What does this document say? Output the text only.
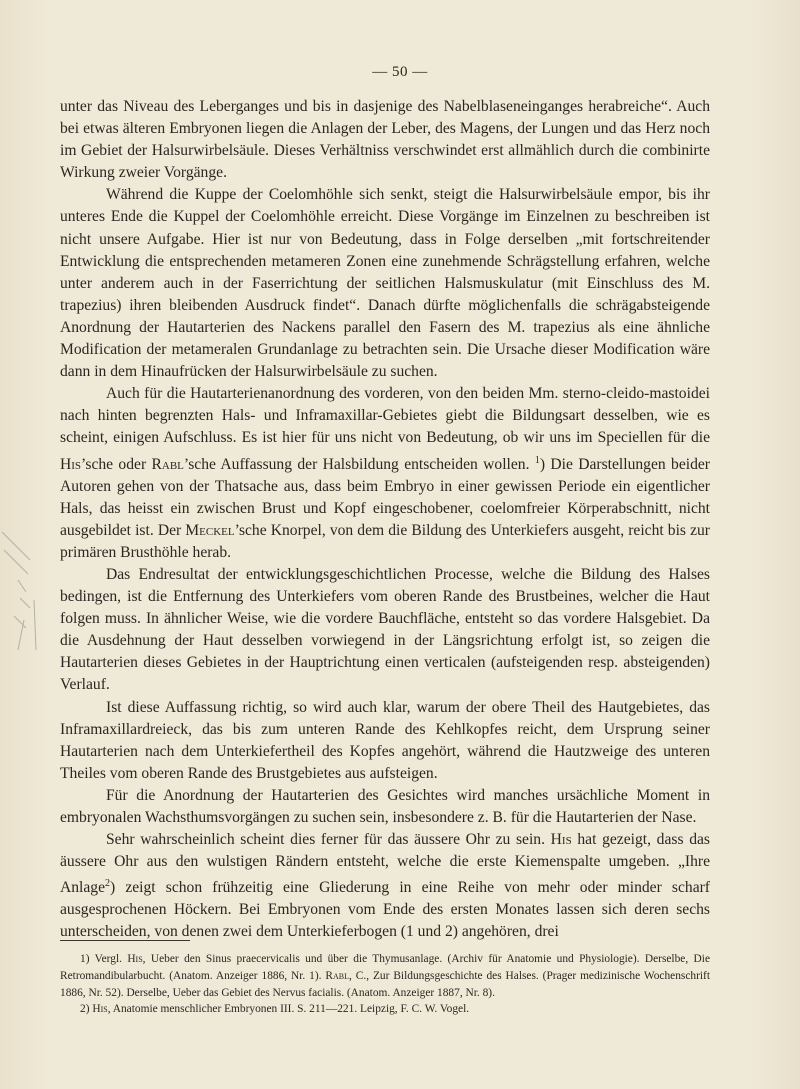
— 50 —

unter das Niveau des Leberganges und bis in dasjenige des Nabelblaseneinganges herabreiche“. Auch bei etwas älteren Embryonen liegen die Anlagen der Leber, des Magens, der Lungen und das Herz noch im Gebiet der Halsurwirbelsäule. Dieses Verhältniss verschwindet erst allmählich durch die combinirte Wirkung zweier Vorgänge.

Während die Kuppe der Coelomhöhle sich senkt, steigt die Halsurwirbelsäule empor, bis ihr unteres Ende die Kuppel der Coelomhöhle erreicht. Diese Vorgänge im Einzelnen zu beschreiben ist nicht unsere Aufgabe. Hier ist nur von Bedeutung, dass in Folge derselben „mit fortschreitender Entwicklung die entsprechenden metameren Zonen eine zunehmende Schrägstellung erfahren, welche unter anderem auch in der Faserrichtung der seitlichen Halsmuskulatur (mit Einschluss des M. trapezius) ihren bleibenden Ausdruck findet“. Danach dürfte möglichenfalls die schrägabsteigende Anordnung der Hautarterien des Nackens parallel den Fasern des M. trapezius als eine ähnliche Modification der metameralen Grundanlage zu betrachten sein. Die Ursache dieser Modification wäre dann in dem Hinaufrücken der Halsurwirbelsäule zu suchen.

Auch für die Hautarterienanordnung des vorderen, von den beiden Mm. sterno-cleido-mastoidei nach hinten begrenzten Hals- und Inframaxillar-Gebietes giebt die Bildungsart desselben, wie es scheint, einigen Aufschluss. Es ist hier für uns nicht von Bedeutung, ob wir uns im Speciellen für die His’sche oder Rabl’sche Auffassung der Halsbildung entscheiden wollen. $^1$) Die Darstellungen beider Autoren gehen von der Thatsache aus, dass beim Embryo in einer gewissen Periode ein eigentlicher Hals, das heisst ein zwischen Brust und Kopf eingeschobener, coelomfreier Körperabschnitt, nicht ausgebildet ist. Der Meckel’sche Knorpel, von dem die Bildung des Unterkiefers ausgeht, reicht bis zur primären Brusthöhle herab.

Das Endresultat der entwicklungsgeschichtlichen Processe, welche die Bildung des Halses bedingen, ist die Entfernung des Unterkiefers vom oberen Rande des Brustbeines, welcher die Haut folgen muss. In ähnlicher Weise, wie die vordere Bauchfläche, entsteht so das vordere Halsgebiet. Da die Ausdehnung der Haut desselben vorwiegend in der Längsrichtung erfolgt ist, so zeigen die Hautarterien dieses Gebietes in der Hauptrichtung einen verticalen (aufsteigenden resp. absteigenden) Verlauf.

Ist diese Auffassung richtig, so wird auch klar, warum der obere Theil des Hautgebietes, das Inframaxillardreieck, das bis zum unteren Rande des Kehlkopfes reicht, dem Ursprung seiner Hautarterien nach dem Unterkiefertheil des Kopfes angehört, während die Hautzweige des unteren Theiles vom oberen Rande des Brustgebietes aus aufsteigen.

Für die Anordnung der Hautarterien des Gesichtes wird manches ursächliche Moment in embryonalen Wachsthumsvorgängen zu suchen sein, insbesondere z. B. für die Hautarterien der Nase.

Sehr wahrscheinlich scheint dies ferner für das äussere Ohr zu sein. His hat gezeigt, dass das äussere Ohr aus den wulstigen Rändern entsteht, welche die erste Kiemenspalte umgeben. „Ihre Anlage$^2$) zeigt schon frühzeitig eine Gliederung in eine Reihe von mehr oder minder scharf ausgesprochenen Höckern. Bei Embryonen vom Ende des ersten Monates lassen sich deren sechs unterscheiden, von denen zwei dem Unterkieferbogen (1 und 2) angehören, drei

1) Vergl. His, Ueber den Sinus praecervicalis und über die Thymusanlage. (Archiv für Anatomie und Physiologie). Derselbe, Die Retromandibularbucht. (Anatom. Anzeiger 1886, Nr. 1). Rabl, C., Zur Bildungsgeschichte des Halses. (Prager medizinische Wochenschrift 1886, Nr. 52). Derselbe, Ueber das Gebiet des Nervus facialis. (Anatom. Anzeiger 1887, Nr. 8).

2) His, Anatomie menschlicher Embryonen III. S. 211—221. Leipzig, F. C. W. Vogel.
